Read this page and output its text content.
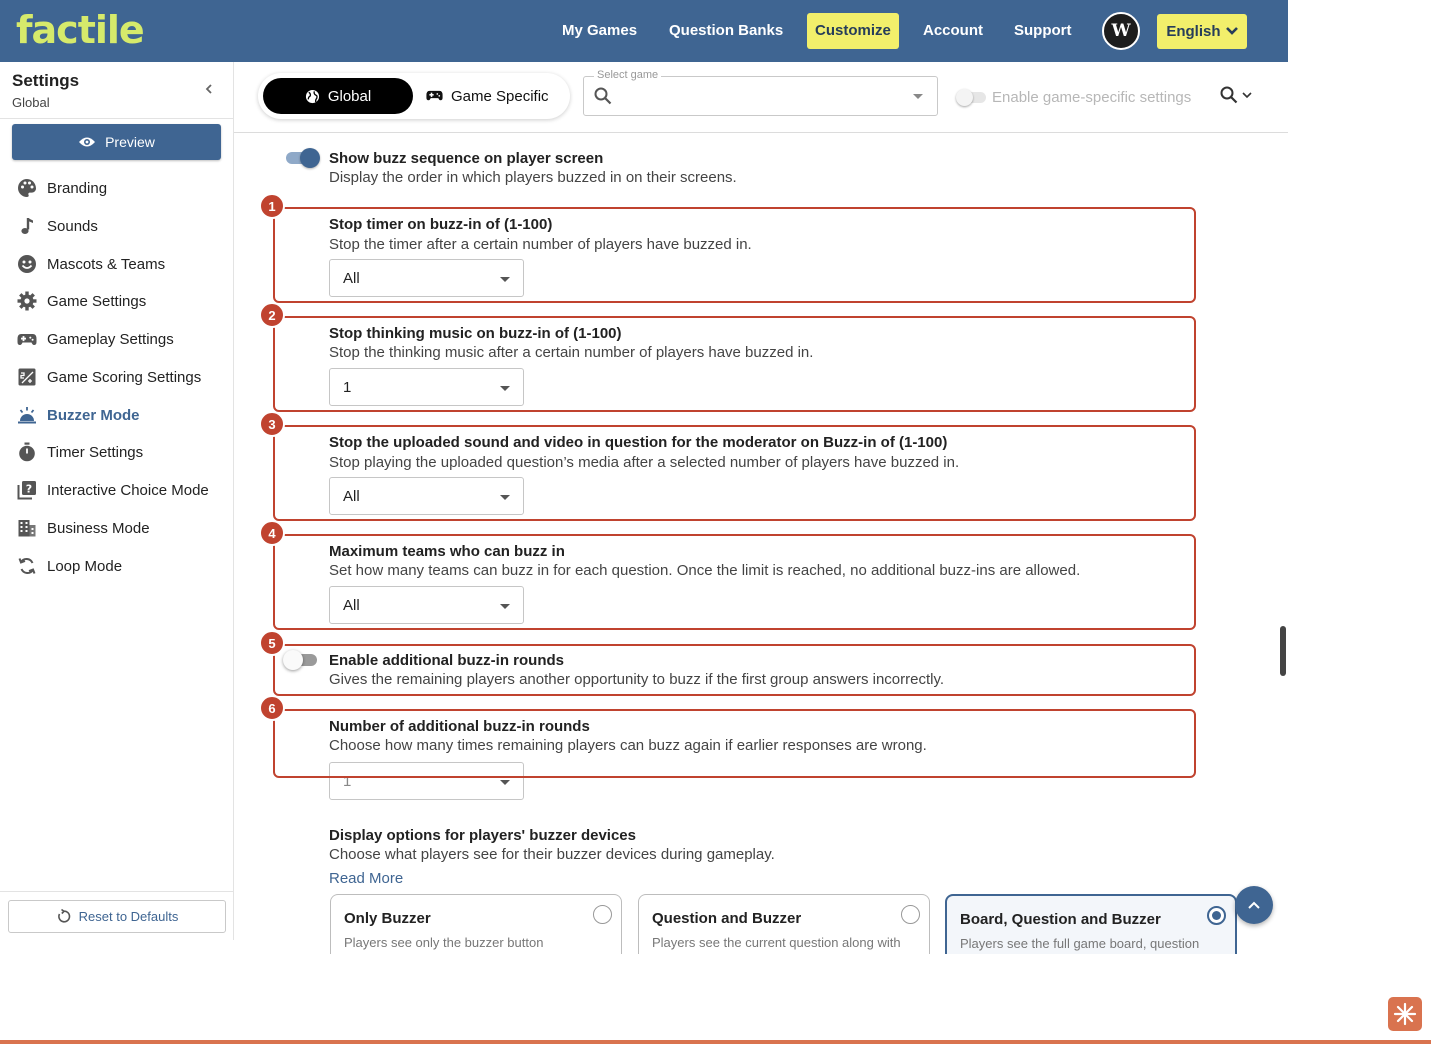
factile	My Games	Question Banks	Customize	Account	Support	W	English
Settings
Global
Preview
Branding
Sounds
Mascots & Teams
Game Settings
Gameplay Settings
Game Scoring Settings
Buzzer Mode
Timer Settings
? Interactive Choice Mode
Business Mode
Loop Mode
Reset to Defaults
Global	Game Specific
Select game
Enable game-specific settings
Show buzz sequence on player screen
Display the order in which players buzzed in on their screens.
1
Stop timer on buzz-in of (1-100)
Stop the timer after a certain number of players have buzzed in.
All
2
Stop thinking music on buzz-in of (1-100)
Stop the thinking music after a certain number of players have buzzed in.
1
3
Stop the uploaded sound and video in question for the moderator on Buzz-in of (1-100)
Stop playing the uploaded question’s media after a selected number of players have buzzed in.
All
4
Maximum teams who can buzz in
Set how many teams can buzz in for each question. Once the limit is reached, no additional buzz-ins are allowed.
All
5
Enable additional buzz-in rounds
Gives the remaining players another opportunity to buzz if the first group answers incorrectly.
1
6
Number of additional buzz-in rounds
Choose how many times remaining players can buzz again if earlier responses are wrong.
Display options for players' buzzer devices
Choose what players see for their buzzer devices during gameplay.
Read More
Only Buzzer
Players see only the buzzer button
Question and Buzzer
Players see the current question along with
Board, Question and Buzzer
Players see the full game board, question
